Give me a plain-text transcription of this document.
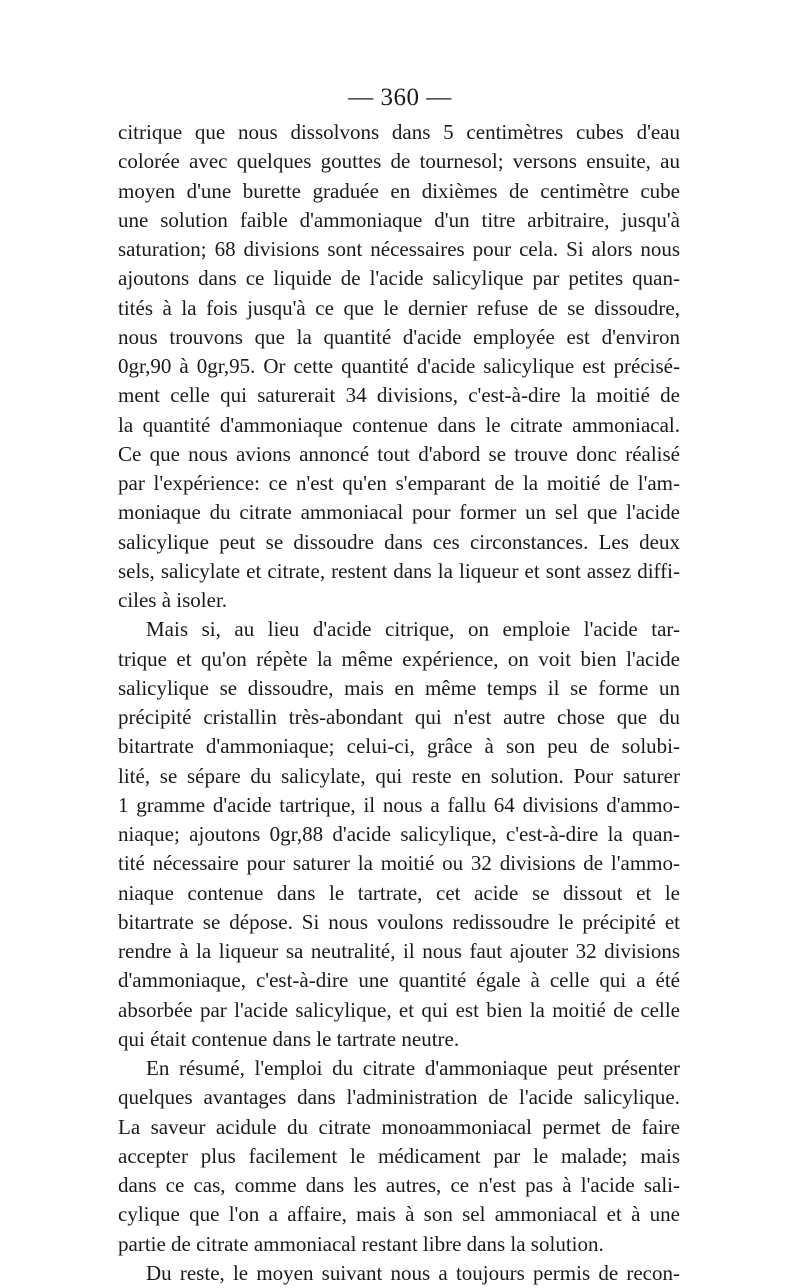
— 360 —
citrique que nous dissolvons dans 5 centimètres cubes d'eau
colorée avec quelques gouttes de tournesol; versons ensuite, au
moyen d'une burette graduée en dixièmes de centimètre cube
une solution faible d'ammoniaque d'un titre arbitraire, jusqu'à
saturation; 68 divisions sont nécessaires pour cela. Si alors nous
ajoutons dans ce liquide de l'acide salicylique par petites quan-
tités à la fois jusqu'à ce que le dernier refuse de se dissoudre,
nous trouvons que la quantité d'acide employée est d'environ
0gr,90 à 0gr,95. Or cette quantité d'acide salicylique est précisé-
ment celle qui saturerait 34 divisions, c'est-à-dire la moitié de
la quantité d'ammoniaque contenue dans le citrate ammoniacal.
Ce que nous avions annoncé tout d'abord se trouve donc réalisé
par l'expérience: ce n'est qu'en s'emparant de la moitié de l'am-
moniaque du citrate ammoniacal pour former un sel que l'acide
salicylique peut se dissoudre dans ces circonstances. Les deux
sels, salicylate et citrate, restent dans la liqueur et sont assez diffi-
ciles à isoler.
Mais si, au lieu d'acide citrique, on emploie l'acide tar-
trique et qu'on répète la même expérience, on voit bien l'acide
salicylique se dissoudre, mais en même temps il se forme un
précipité cristallin très-abondant qui n'est autre chose que du
bitartrate d'ammoniaque; celui-ci, grâce à son peu de solubi-
lité, se sépare du salicylate, qui reste en solution. Pour saturer
1 gramme d'acide tartrique, il nous a fallu 64 divisions d'ammo-
niaque; ajoutons 0gr,88 d'acide salicylique, c'est-à-dire la quan-
tité nécessaire pour saturer la moitié ou 32 divisions de l'ammo-
niaque contenue dans le tartrate, cet acide se dissout et le
bitartrate se dépose. Si nous voulons redissoudre le précipité et
rendre à la liqueur sa neutralité, il nous faut ajouter 32 divisions
d'ammoniaque, c'est-à-dire une quantité égale à celle qui a été
absorbée par l'acide salicylique, et qui est bien la moitié de celle
qui était contenue dans le tartrate neutre.
En résumé, l'emploi du citrate d'ammoniaque peut présenter
quelques avantages dans l'administration de l'acide salicylique.
La saveur acidule du citrate monoammoniacal permet de faire
accepter plus facilement le médicament par le malade; mais
dans ce cas, comme dans les autres, ce n'est pas à l'acide sali-
cylique que l'on a affaire, mais à son sel ammoniacal et à une
partie de citrate ammoniacal restant libre dans la solution.
Du reste, le moyen suivant nous a toujours permis de recon-
